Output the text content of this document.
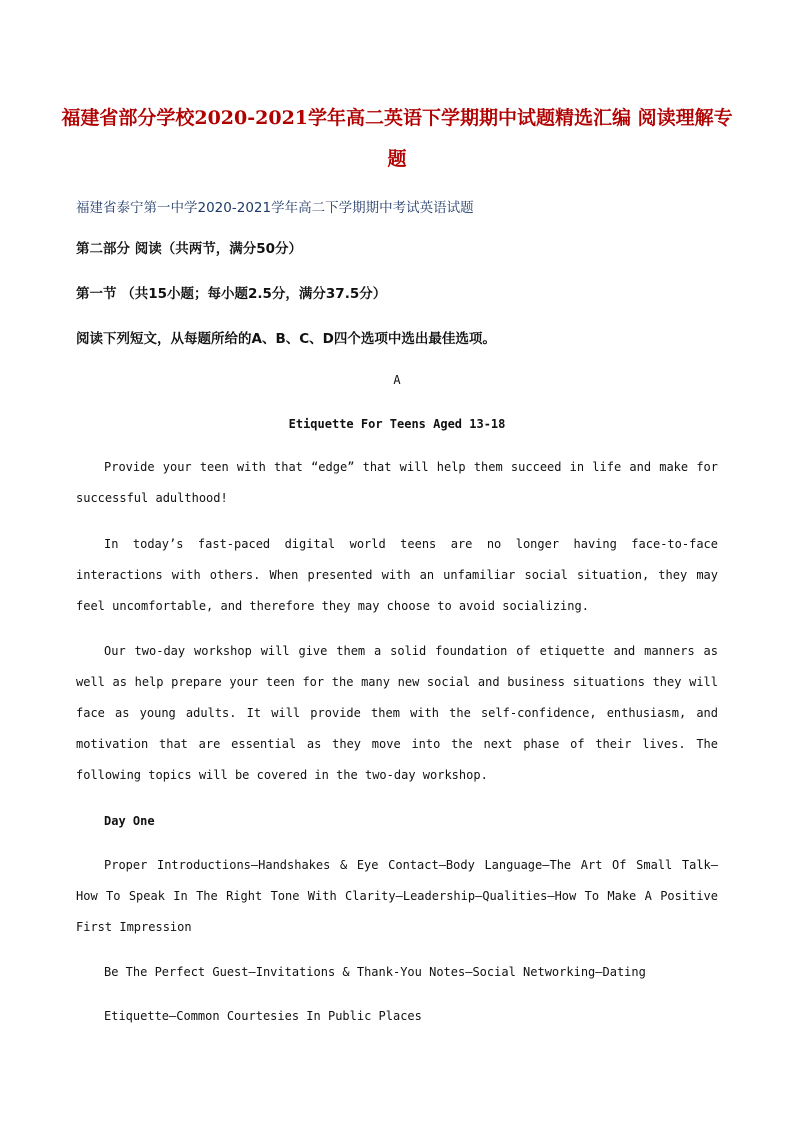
福建省部分学校2020-2021学年高二英语下学期期中试题精选汇编 阅读理解专
题

福建省泰宁第一中学2020-2021学年高二下学期期中考试英语试题

第二部分 阅读（共两节，满分50分）

第一节 （共15小题；每小题2.5分，满分37.5分）

阅读下列短文，从每题所给的A、B、C、D四个选项中选出最佳选项。

A

Etiquette For Teens Aged 13-18

Provide your teen with that “edge” that will help them succeed in life and make for successful adulthood!

In today’s fast-paced digital world teens are no longer having face-to-face interactions with others. When presented with an unfamiliar social situation, they may feel uncomfortable, and therefore they may choose to avoid socializing.

Our two-day workshop will give them a solid foundation of etiquette and manners as well as help prepare your teen for the many new social and business situations they will face as young adults. It will provide them with the self-confidence, enthusiasm, and motivation that are essential as they move into the next phase of their lives. The following topics will be covered in the two-day workshop.

Day One

Proper Introductions—Handshakes & Eye Contact—Body Language—The Art Of Small Talk—How To Speak In The Right Tone With Clarity—Leadership—Qualities—How To Make A Positive First Impression

Be The Perfect Guest—Invitations & Thank-You Notes—Social Networking—Dating

Etiquette—Common Courtesies In Public Places
